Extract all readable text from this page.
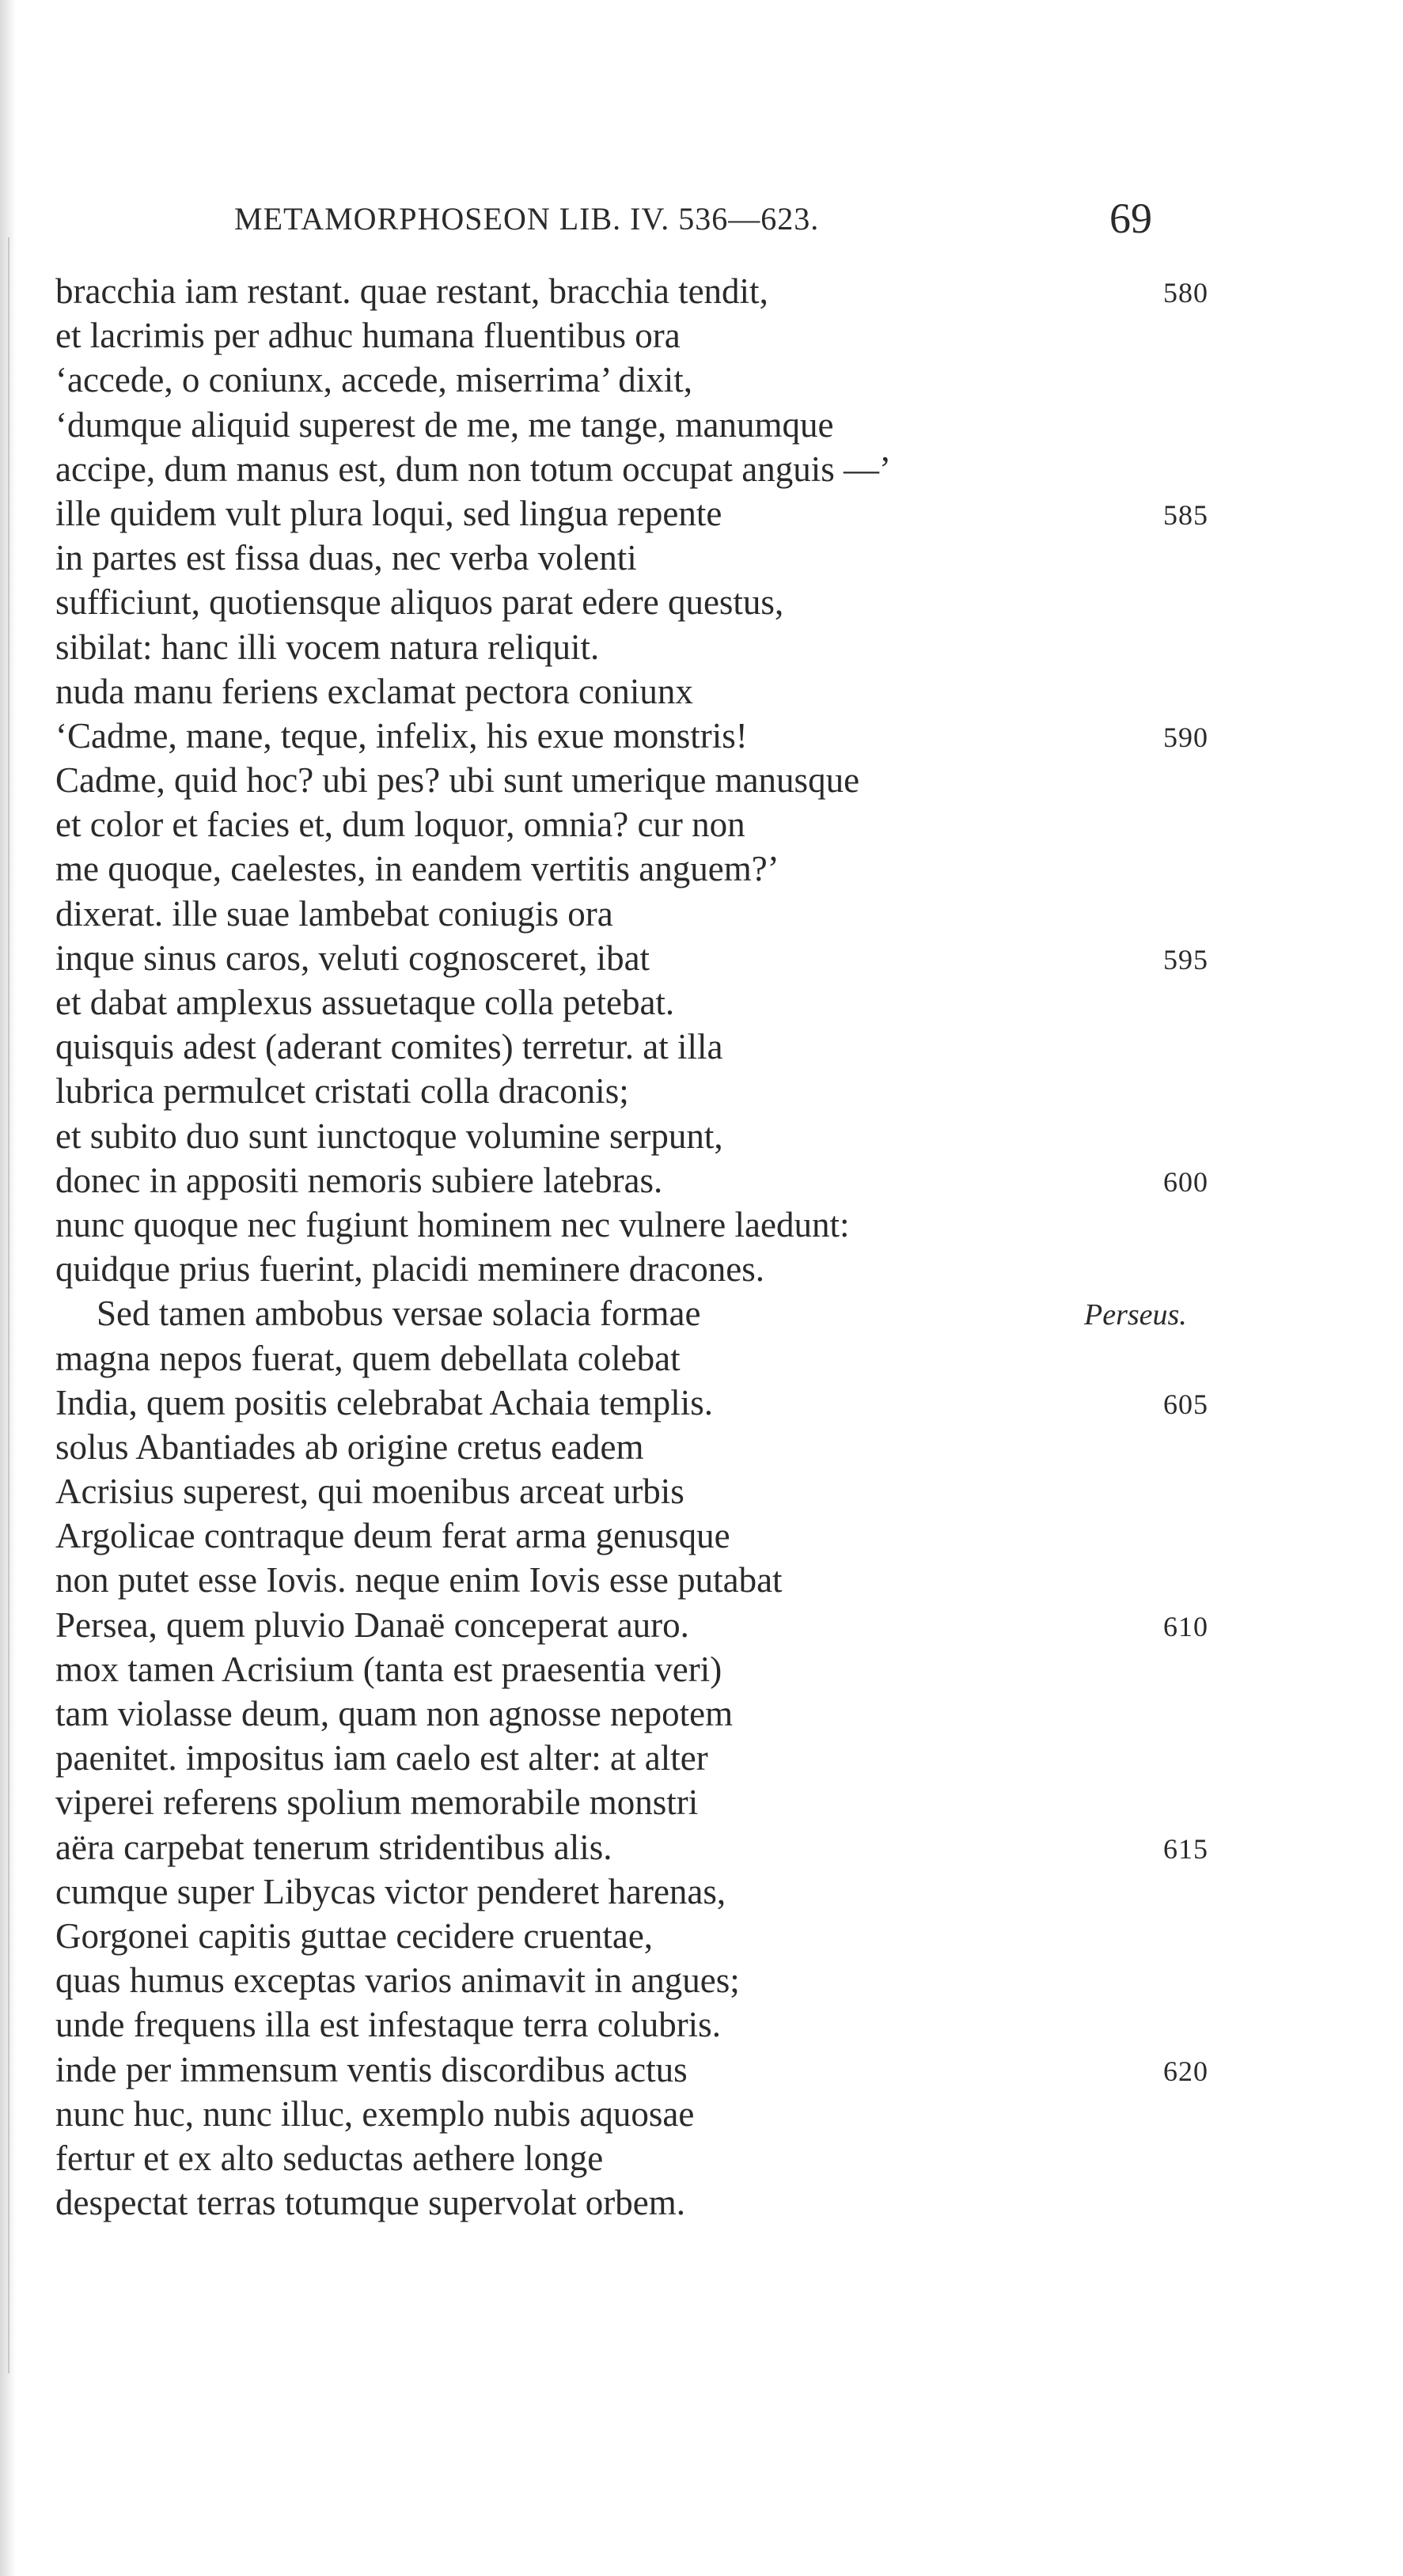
METAMORPHOSEON LIB. IV. 536—623.	69
bracchia iam restant. quae restant, bracchia tendit,	580
et lacrimis per adhuc humana fluentibus ora
‘accede, o coniunx, accede, miserrima’ dixit,
‘dumque aliquid superest de me, me tange, manumque
accipe, dum manus est, dum non totum occupat anguis —’
ille quidem vult plura loqui, sed lingua repente	585
in partes est fissa duas, nec verba volenti
sufficiunt, quotiensque aliquos parat edere questus,
sibilat: hanc illi vocem natura reliquit.
nuda manu feriens exclamat pectora coniunx
‘Cadme, mane, teque, infelix, his exue monstris!	590
Cadme, quid hoc? ubi pes? ubi sunt umerique manusque
et color et facies et, dum loquor, omnia? cur non
me quoque, caelestes, in eandem vertitis anguem?’
dixerat. ille suae lambebat coniugis ora
inque sinus caros, veluti cognosceret, ibat	595
et dabat amplexus assuetaque colla petebat.
quisquis adest (aderant comites) terretur. at illa
lubrica permulcet cristati colla draconis;
et subito duo sunt iunctoque volumine serpunt,
donec in appositi nemoris subiere latebras.	600
nunc quoque nec fugiunt hominem nec vulnere laedunt:
quidque prius fuerint, placidi meminere dracones.
Sed tamen ambobus versae solacia formae	Perseus.
magna nepos fuerat, quem debellata colebat
India, quem positis celebrabat Achaia templis.	605
solus Abantiades ab origine cretus eadem
Acrisius superest, qui moenibus arceat urbis
Argolicae contraque deum ferat arma genusque
non putet esse Iovis. neque enim Iovis esse putabat
Persea, quem pluvio Danaë conceperat auro.	610
mox tamen Acrisium (tanta est praesentia veri)
tam violasse deum, quam non agnosse nepotem
paenitet. impositus iam caelo est alter: at alter
viperei referens spolium memorabile monstri
aëra carpebat tenerum stridentibus alis.	615
cumque super Libycas victor penderet harenas,
Gorgonei capitis guttae cecidere cruentae,
quas humus exceptas varios animavit in angues;
unde frequens illa est infestaque terra colubris.
inde per immensum ventis discordibus actus	620
nunc huc, nunc illuc, exemplo nubis aquosae
fertur et ex alto seductas aethere longe
despectat terras totumque supervolat orbem.
